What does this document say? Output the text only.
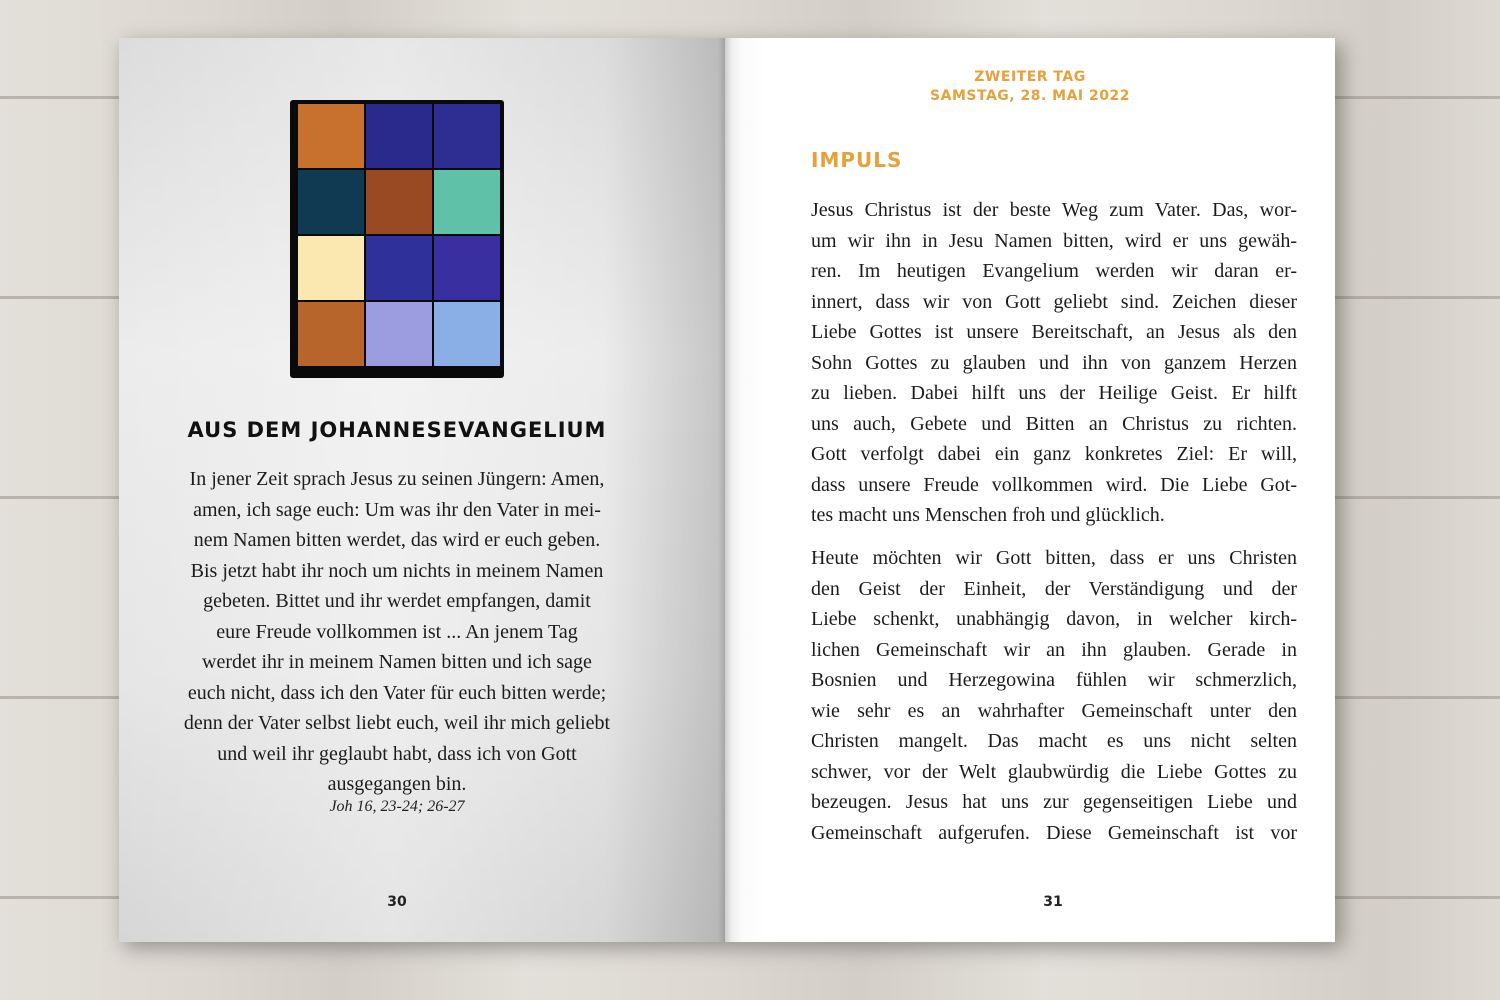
AUS DEM JOHANNESEVANGELIUM
In jener Zeit sprach Jesus zu seinen Jüngern: Amen,
amen, ich sage euch: Um was ihr den Vater in mei-
nem Namen bitten werdet, das wird er euch geben.
Bis jetzt habt ihr noch um nichts in meinem Namen
gebeten. Bittet und ihr werdet empfangen, damit
eure Freude vollkommen ist ... An jenem Tag
werdet ihr in meinem Namen bitten und ich sage
euch nicht, dass ich den Vater für euch bitten werde;
denn der Vater selbst liebt euch, weil ihr mich geliebt
und weil ihr geglaubt habt, dass ich von Gott
ausgegangen bin.
Joh 16, 23-24; 26-27
30
ZWEITER TAG
SAMSTAG, 28. MAI 2022
IMPULS
Jesus Christus ist der beste Weg zum Vater. Das, wor-
um wir ihn in Jesu Namen bitten, wird er uns gewäh-
ren. Im heutigen Evangelium werden wir daran er-
innert, dass wir von Gott geliebt sind. Zeichen dieser
Liebe Gottes ist unsere Bereitschaft, an Jesus als den
Sohn Gottes zu glauben und ihn von ganzem Herzen
zu lieben. Dabei hilft uns der Heilige Geist. Er hilft
uns auch, Gebete und Bitten an Christus zu richten.
Gott verfolgt dabei ein ganz konkretes Ziel: Er will,
dass unsere Freude vollkommen wird. Die Liebe Got-
tes macht uns Menschen froh und glücklich.
Heute möchten wir Gott bitten, dass er uns Christen
den Geist der Einheit, der Verständigung und der
Liebe schenkt, unabhängig davon, in welcher kirch-
lichen Gemeinschaft wir an ihn glauben. Gerade in
Bosnien und Herzegowina fühlen wir schmerzlich,
wie sehr es an wahrhafter Gemeinschaft unter den
Christen mangelt. Das macht es uns nicht selten
schwer, vor der Welt glaubwürdig die Liebe Gottes zu
bezeugen. Jesus hat uns zur gegenseitigen Liebe und
Gemeinschaft aufgerufen. Diese Gemeinschaft ist vor
31
